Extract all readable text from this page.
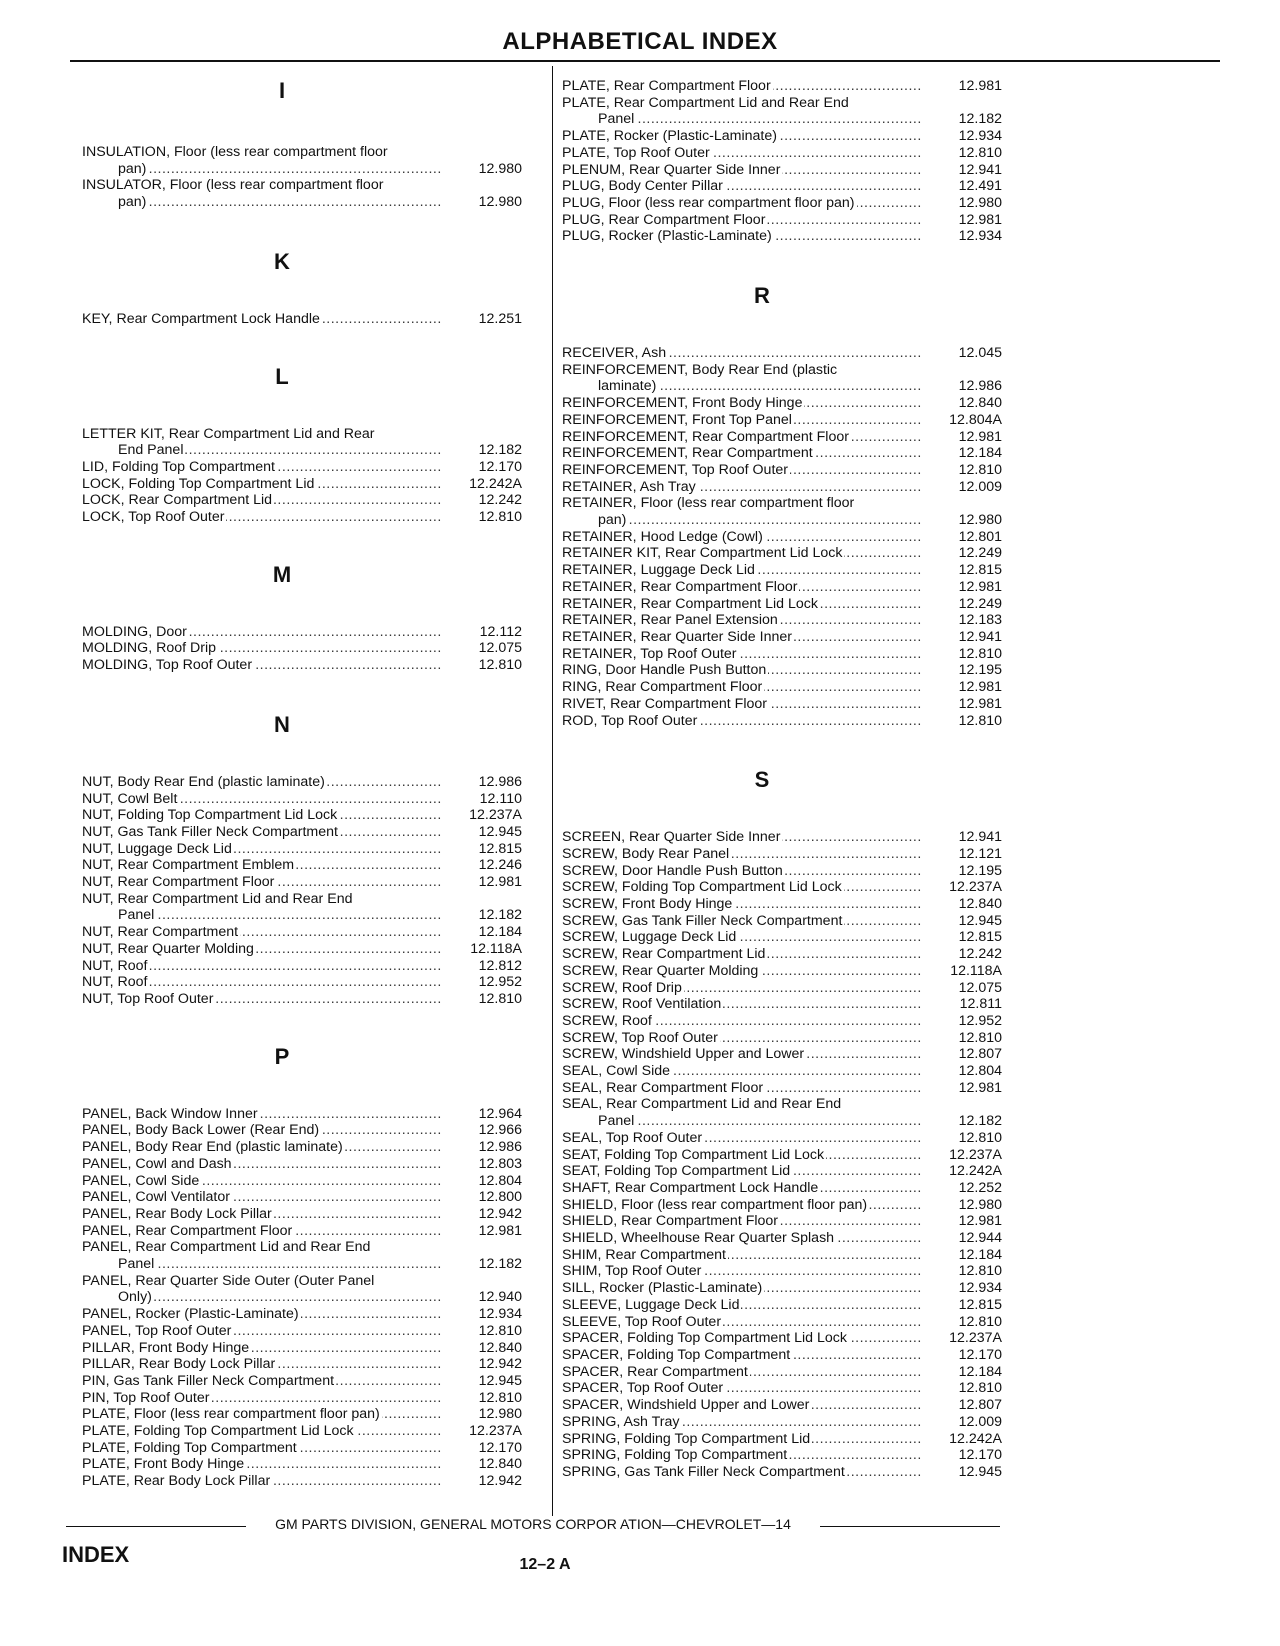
ALPHABETICAL INDEX
I
INSULATION, Floor (less rear compartment floor
pan) .....	12.980
INSULATOR, Floor (less rear compartment floor
pan) .....	12.980
K
KEY, Rear Compartment Lock Handle .....	12.251
L
LETTER KIT, Rear Compartment Lid and Rear
End Panel .....	12.182
LID, Folding Top Compartment .....	12.170
LOCK, Folding Top Compartment Lid .....	12.242A
LOCK, Rear Compartment Lid .....	12.242
LOCK, Top Roof Outer .....	12.810
M
MOLDING, Door .....	12.112
MOLDING, Roof Drip .....	12.075
MOLDING, Top Roof Outer .....	12.810
N
NUT, Body Rear End (plastic laminate) .....	12.986
NUT, Cowl Belt .....	12.110
NUT, Folding Top Compartment Lid Lock .....	12.237A
NUT, Gas Tank Filler Neck Compartment .....	12.945
NUT, Luggage Deck Lid .....	12.815
NUT, Rear Compartment Emblem .....	12.246
NUT, Rear Compartment Floor .....	12.981
NUT, Rear Compartment Lid and Rear End
Panel .....	12.182
NUT, Rear Compartment .....	12.184
NUT, Rear Quarter Molding .....	12.118A
NUT, Roof .....	12.812
NUT, Roof .....	12.952
NUT, Top Roof Outer .....	12.810
P
PANEL, Back Window Inner .....	12.964
PANEL, Body Back Lower (Rear End) .....	12.966
PANEL, Body Rear End (plastic laminate) .....	12.986
PANEL, Cowl and Dash .....	12.803
PANEL, Cowl Side .....	12.804
PANEL, Cowl Ventilator .....	12.800
PANEL, Rear Body Lock Pillar .....	12.942
PANEL, Rear Compartment Floor .....	12.981
PANEL, Rear Compartment Lid and Rear End
Panel .....	12.182
PANEL, Rear Quarter Side Outer (Outer Panel
Only) .....	12.940
PANEL, Rocker (Plastic-Laminate) .....	12.934
PANEL, Top Roof Outer .....	12.810
PILLAR, Front Body Hinge .....	12.840
PILLAR, Rear Body Lock Pillar .....	12.942
PIN, Gas Tank Filler Neck Compartment .....	12.945
PIN, Top Roof Outer .....	12.810
PLATE, Floor (less rear compartment floor pan) .....	12.980
PLATE, Folding Top Compartment Lid Lock .....	12.237A
PLATE, Folding Top Compartment .....	12.170
PLATE, Front Body Hinge .....	12.840
PLATE, Rear Body Lock Pillar .....	12.942
PLATE, Rear Compartment Floor .....	12.981
PLATE, Rear Compartment Lid and Rear End
Panel .....	12.182
PLATE, Rocker (Plastic-Laminate) .....	12.934
PLATE, Top Roof Outer .....	12.810
PLENUM, Rear Quarter Side Inner .....	12.941
PLUG, Body Center Pillar .....	12.491
PLUG, Floor (less rear compartment floor pan) .....	12.980
PLUG, Rear Compartment Floor .....	12.981
PLUG, Rocker (Plastic-Laminate) .....	12.934
R
RECEIVER, Ash .....	12.045
REINFORCEMENT, Body Rear End (plastic
laminate) .....	12.986
REINFORCEMENT, Front Body Hinge .....	12.840
REINFORCEMENT, Front Top Panel .....	12.804A
REINFORCEMENT, Rear Compartment Floor .....	12.981
REINFORCEMENT, Rear Compartment .....	12.184
REINFORCEMENT, Top Roof Outer .....	12.810
RETAINER, Ash Tray .....	12.009
RETAINER, Floor (less rear compartment floor
pan) .....	12.980
RETAINER, Hood Ledge (Cowl) .....	12.801
RETAINER KIT, Rear Compartment Lid Lock .....	12.249
RETAINER, Luggage Deck Lid .....	12.815
RETAINER, Rear Compartment Floor .....	12.981
RETAINER, Rear Compartment Lid Lock .....	12.249
RETAINER, Rear Panel Extension .....	12.183
RETAINER, Rear Quarter Side Inner .....	12.941
RETAINER, Top Roof Outer .....	12.810
RING, Door Handle Push Button .....	12.195
RING, Rear Compartment Floor .....	12.981
RIVET, Rear Compartment Floor .....	12.981
ROD, Top Roof Outer .....	12.810
S
SCREEN, Rear Quarter Side Inner .....	12.941
SCREW, Body Rear Panel .....	12.121
SCREW, Door Handle Push Button .....	12.195
SCREW, Folding Top Compartment Lid Lock .....	12.237A
SCREW, Front Body Hinge .....	12.840
SCREW, Gas Tank Filler Neck Compartment .....	12.945
SCREW, Luggage Deck Lid .....	12.815
SCREW, Rear Compartment Lid .....	12.242
SCREW, Rear Quarter Molding .....	12.118A
SCREW, Roof Drip .....	12.075
SCREW, Roof Ventilation .....	12.811
SCREW, Roof .....	12.952
SCREW, Top Roof Outer .....	12.810
SCREW, Windshield Upper and Lower .....	12.807
SEAL, Cowl Side .....	12.804
SEAL, Rear Compartment Floor .....	12.981
SEAL, Rear Compartment Lid and Rear End
Panel .....	12.182
SEAL, Top Roof Outer .....	12.810
SEAT, Folding Top Compartment Lid Lock .....	12.237A
SEAT, Folding Top Compartment Lid .....	12.242A
SHAFT, Rear Compartment Lock Handle .....	12.252
SHIELD, Floor (less rear compartment floor pan) .....	12.980
SHIELD, Rear Compartment Floor .....	12.981
SHIELD, Wheelhouse Rear Quarter Splash .....	12.944
SHIM, Rear Compartment .....	12.184
SHIM, Top Roof Outer .....	12.810
SILL, Rocker (Plastic-Laminate) .....	12.934
SLEEVE, Luggage Deck Lid .....	12.815
SLEEVE, Top Roof Outer .....	12.810
SPACER, Folding Top Compartment Lid Lock .....	12.237A
SPACER, Folding Top Compartment .....	12.170
SPACER, Rear Compartment .....	12.184
SPACER, Top Roof Outer .....	12.810
SPACER, Windshield Upper and Lower .....	12.807
SPRING, Ash Tray .....	12.009
SPRING, Folding Top Compartment Lid .....	12.242A
SPRING, Folding Top Compartment .....	12.170
SPRING, Gas Tank Filler Neck Compartment .....	12.945
GM PARTS DIVISION, GENERAL MOTORS CORPOR ATION—CHEVROLET—14
INDEX	12–2 A
